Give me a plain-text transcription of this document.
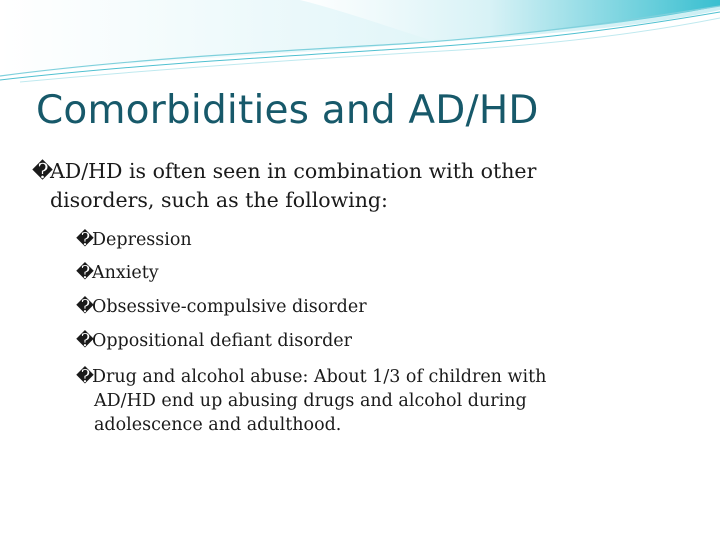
Comorbidities and AD/HD
�AD/HD is often seen in combination with other
disorders, such as the following:
�Depression
�Anxiety
�Obsessive-compulsive disorder
�Oppositional defiant disorder
�Drug and alcohol abuse: About 1/3 of children with
AD/HD end up abusing drugs and alcohol during
adolescence and adulthood.
